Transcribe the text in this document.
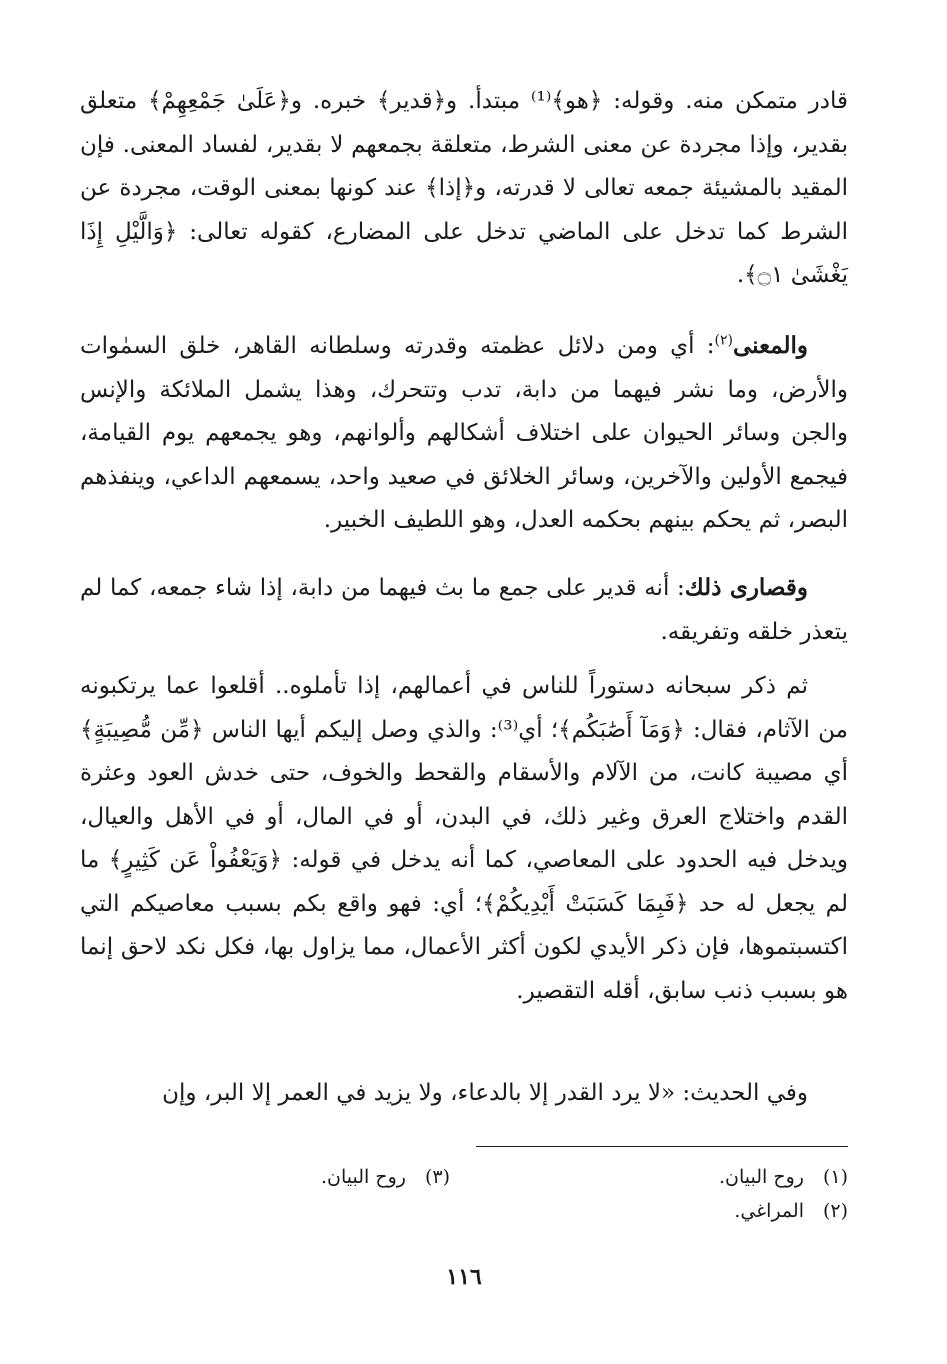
قادر متمكن منه. وقوله: ﴿هو﴾⁽¹⁾ مبتدأ. و﴿قدير﴾ خبره. و﴿عَلَىٰ جَمْعِهِمْ﴾ متعلق بقدير، وإذا مجردة عن معنى الشرط، متعلقة بجمعهم لا بقدير، لفساد المعنى. فإن المقيد بالمشيئة جمعه تعالى لا قدرته، و﴿إذا﴾ عند كونها بمعنى الوقت، مجردة عن الشرط كما تدخل على الماضي تدخل على المضارع، كقوله تعالى: ﴿وَالَّيْلِ إِذَا يَغْشَىٰ ۝١﴾.

والمعنى$^{(٢)}$: أي ومن دلائل عظمته وقدرته وسلطانه القاهر، خلق السمٰوات والأرض، وما نشر فيهما من دابة، تدب وتتحرك، وهذا يشمل الملائكة والإنس والجن وسائر الحيوان على اختلاف أشكالهم وألوانهم، وهو يجمعهم يوم القيامة، فيجمع الأولين والآخرين، وسائر الخلائق في صعيد واحد، يسمعهم الداعي، وينفذهم البصر، ثم يحكم بينهم بحكمه العدل، وهو اللطيف الخبير.

وقصارى ذلك: أنه قدير على جمع ما بث فيهما من دابة، إذا شاء جمعه، كما لم يتعذر خلقه وتفريقه.

ثم ذكر سبحانه دستوراً للناس في أعمالهم، إذا تأملوه.. أقلعوا عما يرتكبونه من الآثام، فقال: ﴿وَمَآ أَصَٰبَكُم﴾؛ أي⁽³⁾: والذي وصل إليكم أيها الناس ﴿مِّن مُّصِيبَةٍ﴾ أي مصيبة كانت، من الآلام والأسقام والقحط والخوف، حتى خدش العود وعثرة القدم واختلاج العرق وغير ذلك، في البدن، أو في المال، أو في الأهل والعيال، ويدخل فيه الحدود على المعاصي، كما أنه يدخل في قوله: ﴿وَيَعْفُواْ عَن كَثِيرٍ﴾ ما لم يجعل له حد ﴿فَبِمَا كَسَبَتْ أَيْدِيكُمْ﴾؛ أي: فهو واقع بكم بسبب معاصيكم التي اكتسبتموها، فإن ذكر الأيدي لكون أكثر الأعمال، مما يزاول بها، فكل نكد لاحق إنما هو بسبب ذنب سابق، أقله التقصير.

وفي الحديث: «لا يرد القدر إلا بالدعاء، ولا يزيد في العمر إلا البر، وإن

(١)روح البيان.
(٣)روح البيان.
(٢)المراغي.
١١٦
